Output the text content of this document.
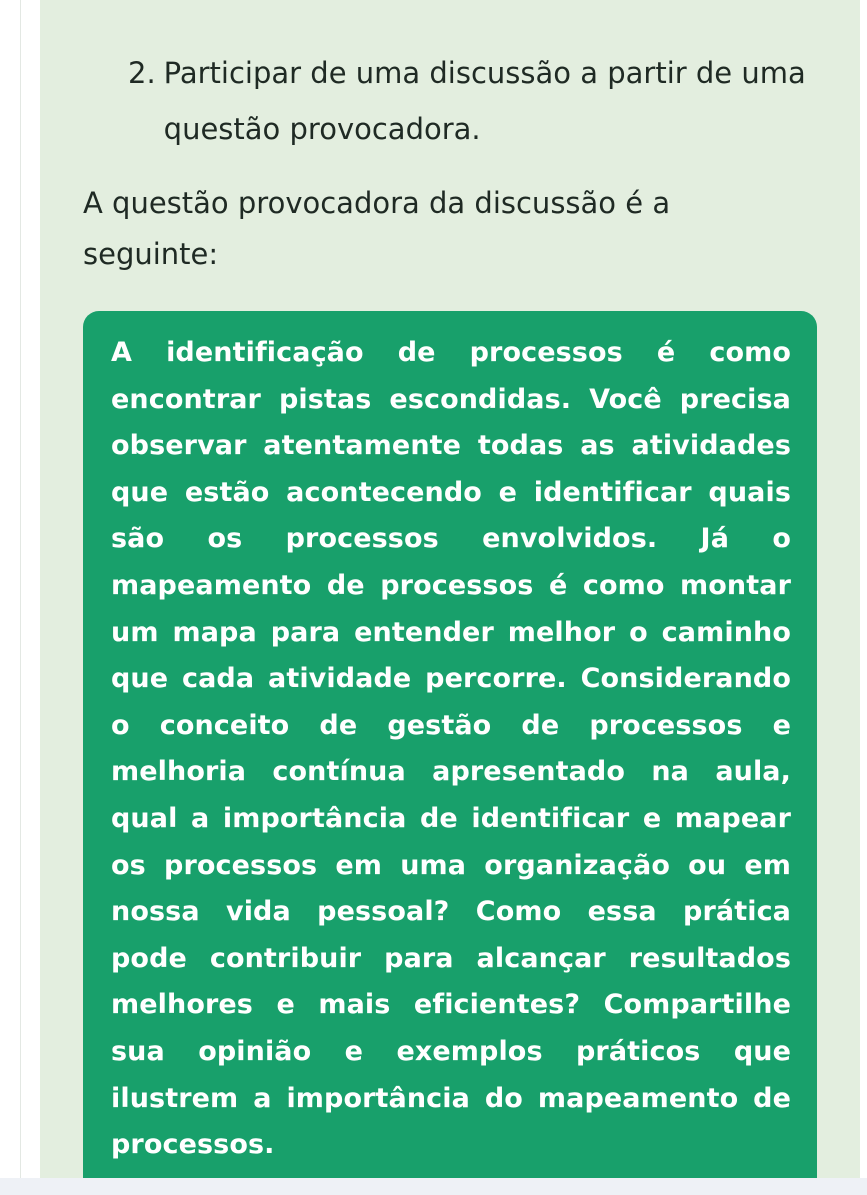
2. Participar de uma discussão a partir de uma questão provocadora.

A questão provocadora da discussão é a seguinte:

A identificação de processos é como encontrar pistas escondidas. Você precisa observar atentamente todas as atividades que estão acontecendo e identificar quais são os processos envolvidos. Já o mapeamento de processos é como montar um mapa para entender melhor o caminho que cada atividade percorre. Considerando o conceito de gestão de processos e melhoria contínua apresentado na aula, qual a importância de identificar e mapear os processos em uma organização ou em nossa vida pessoal? Como essa prática pode contribuir para alcançar resultados melhores e mais eficientes? Compartilhe sua opinião e exemplos práticos que ilustrem a importância do mapeamento de processos.
